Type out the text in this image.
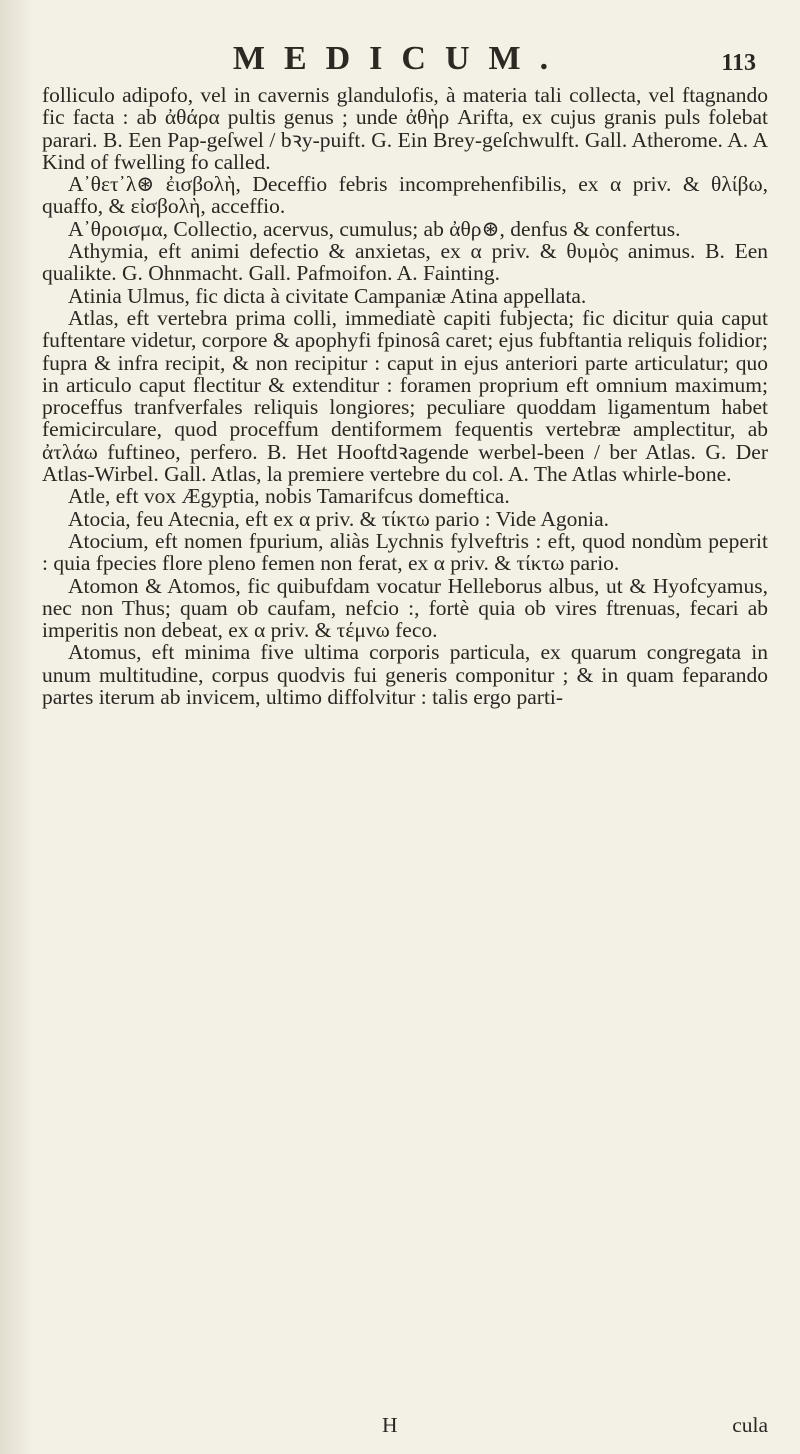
MEDICUM.	113

folliculo adipofo, vel in cavernis glandulofis, à materia tali collecta, vel ftagnando fic facta : ab ἀθάρα pultis genus ; unde ἀθὴρ Arifta, ex cujus granis puls folebat parari. B. Een Pap-geſwel / bꝛy-puift. G. Ein Brey-geſchwulft. Gall. Atherome. A. A Kind of fwelling fo called.

Α᾽θετ᾽λ⊛ ἐισβολὴ, Deceffio febris incomprehenfibilis, ex α priv. & θλίβω, quaffo, & εἰσβολὴ, acceffio.

Α᾽θροισμα, Collectio, acervus, cumulus; ab ἀθρ⊛, denfus & confertus.

Athymia, eft animi defectio & anxietas, ex α priv. & θυμὸς animus. B. Een qualikte. G. Ohnmacht. Gall. Pafmoifon. A. Fainting.

Atinia Ulmus, fic dicta à civitate Campaniæ Atina appellata.

Atlas, eft vertebra prima colli, immediatè capiti fubjecta; fic dicitur quia caput fuftentare videtur, corpore & apophyfi fpinosâ caret; ejus fubftantia reliquis folidior; fupra & infra recipit, & non recipitur : caput in ejus anteriori parte articulatur; quo in articulo caput flectitur & extenditur : foramen proprium eft omnium maximum; proceffus tranfverfales reliquis longiores; peculiare quoddam ligamentum habet femicirculare, quod proceffum dentiformem fequentis vertebræ amplectitur, ab ἀτλάω fuftineo, perfero. B. Het Hooftdꝛagende werbel-been / ber Atlas. G. Der Atlas-Wirbel. Gall. Atlas, la premiere vertebre du col. A. The Atlas whirle-bone.

Atle, eft vox Ægyptia, nobis Tamarifcus domeftica.

Atocia, feu Atecnia, eft ex α priv. & τίκτω pario : Vide Agonia.

Atocium, eft nomen fpurium, aliàs Lychnis fylveftris : eft, quod nondùm peperit : quia fpecies flore pleno femen non ferat, ex α priv. & τίκτω pario.

Atomon & Atomos, fic quibufdam vocatur Helleborus albus, ut & Hyofcyamus, nec non Thus; quam ob caufam, nefcio :, fortè quia ob vires ftrenuas, fecari ab imperitis non debeat, ex α priv. & τέμνω feco.

Atomus, eft minima five ultima corporis particula, ex quarum congregata in unum multitudine, corpus quodvis fui generis componitur ; & in quam feparando partes iterum ab invicem, ultimo diffolvitur : talis ergo parti-

H	cula
